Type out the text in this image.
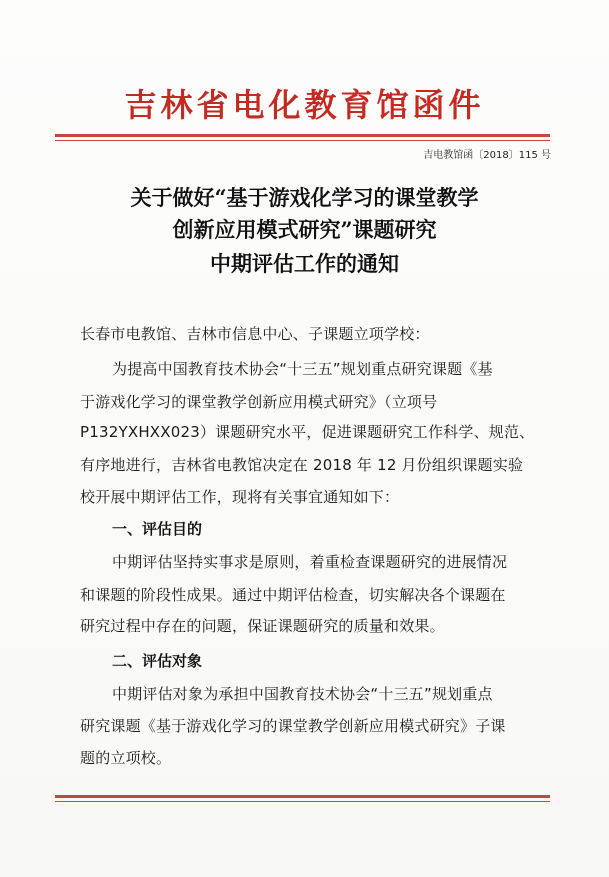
吉林省电化教育馆函件
吉电教馆函〔2018〕115 号
关于做好“基于游戏化学习的课堂教学
创新应用模式研究”课题研究
中期评估工作的通知
长春市电教馆、吉林市信息中心、子课题立项学校：
为提高中国教育技术协会“十三五”规划重点研究课题《基
于游戏化学习的课堂教学创新应用模式研究》（立项号
P132YXHXX023）课题研究水平，促进课题研究工作科学、规范、
有序地进行，吉林省电教馆决定在 2018 年 12 月份组织课题实验
校开展中期评估工作，现将有关事宜通知如下：
一、评估目的
中期评估坚持实事求是原则，着重检查课题研究的进展情况
和课题的阶段性成果。通过中期评估检查，切实解决各个课题在
研究过程中存在的问题，保证课题研究的质量和效果。
二、评估对象
中期评估对象为承担中国教育技术协会“十三五”规划重点
研究课题《基于游戏化学习的课堂教学创新应用模式研究》子课
题的立项校。
